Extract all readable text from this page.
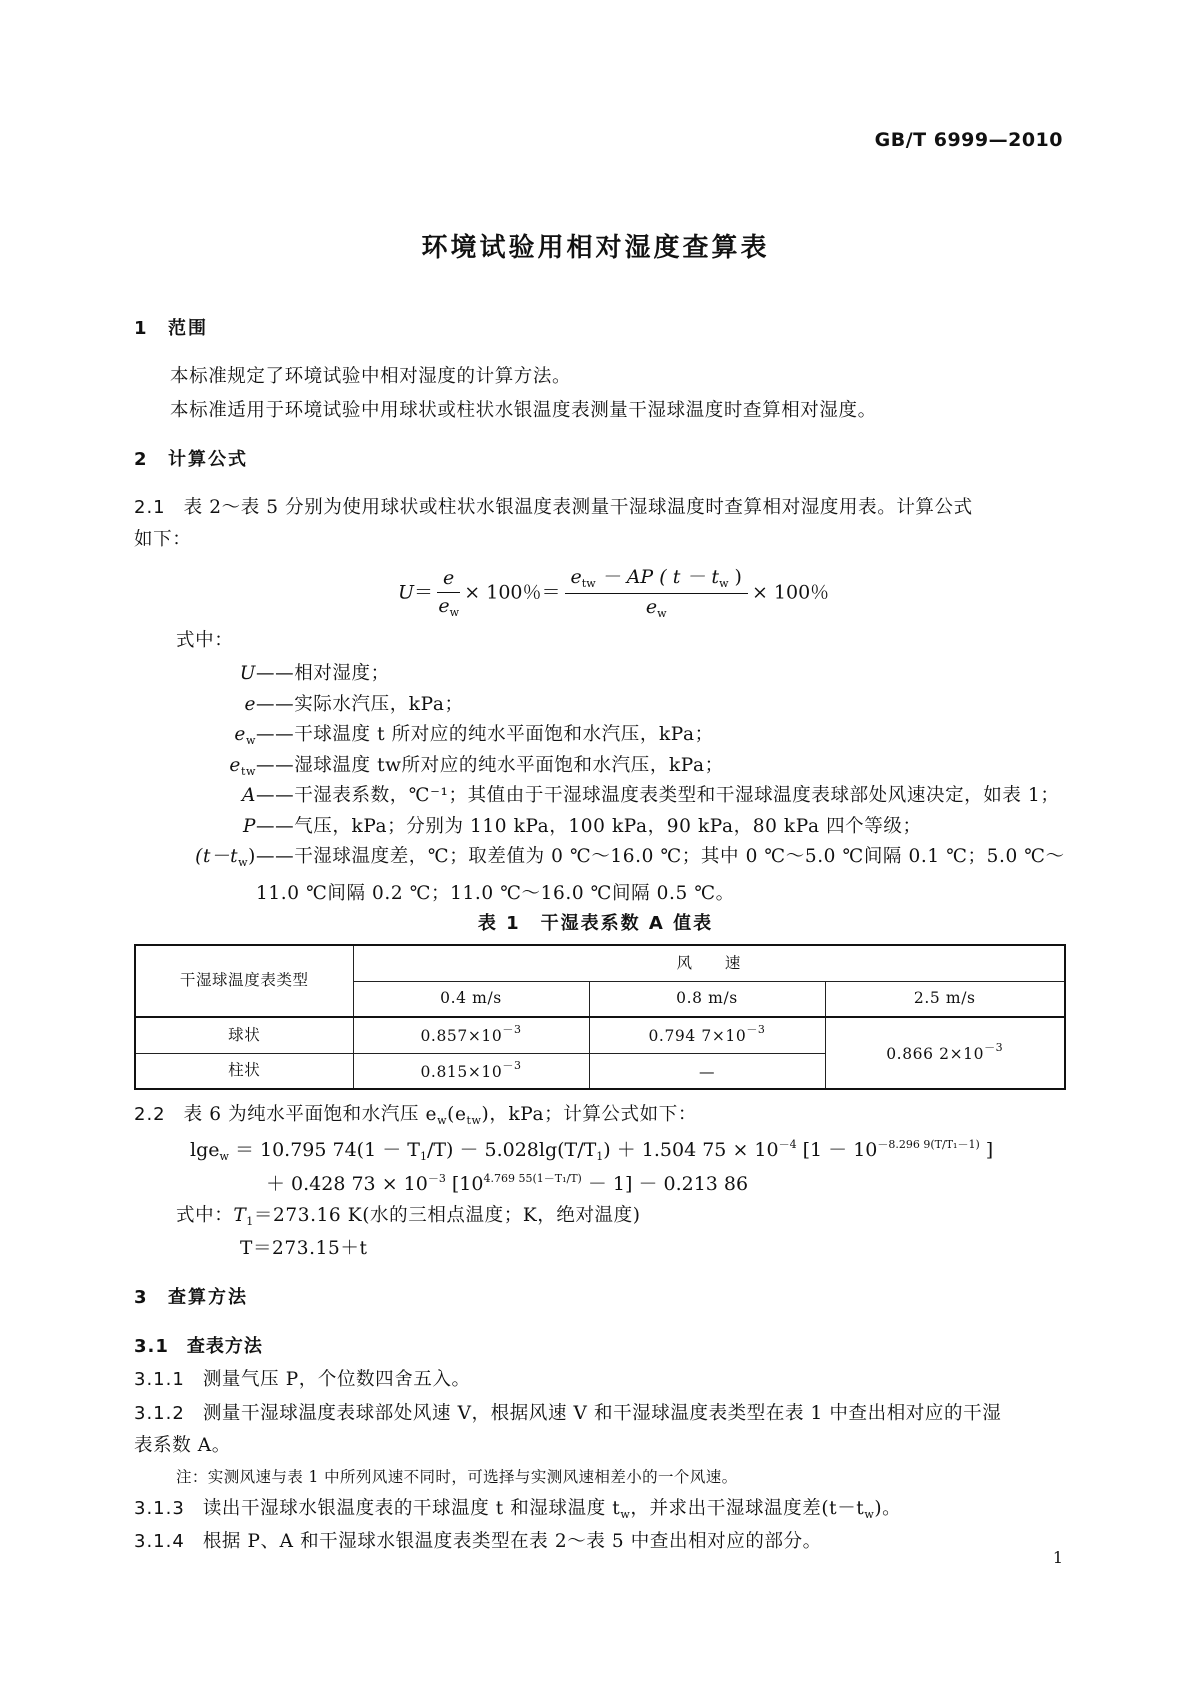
GB/T 6999—2010
环境试验用相对湿度查算表
1 范围
本标准规定了环境试验中相对湿度的计算方法。
本标准适用于环境试验中用球状或柱状水银温度表测量干湿球温度时查算相对湿度。
2 计算公式
2.1 表 2～表 5 分别为使用球状或柱状水银温度表测量干湿球温度时查算相对湿度用表。计算公式
如下：
$U= \frac{e}{e_w} \times 100$％＝ $\frac{e_{tw} - AP ( t - t_w )}{e_w} \times 100$％
式中：
U——相对湿度；
e——实际水汽压，kPa；
$e_w——$干球温度 t 所对应的纯水平面饱和水汽压，kPa；
$e_{tw}——$湿球温度 tw所对应的纯水平面饱和水汽压，kPa；
A——干湿表系数，℃⁻¹；其值由于干湿球温度表类型和干湿球温度表球部处风速决定，如表 1；
P——气压，kPa；分别为 110 kPa，100 kPa，90 kPa，80 kPa 四个等级；
$(t-t_w)——$干湿球温度差，℃；取差值为 0 ℃～16.0 ℃；其中 0 ℃～5.0 ℃间隔 0.1 ℃；5.0 ℃～
11.0 ℃间隔 0.2 ℃；11.0 ℃～16.0 ℃间隔 0.5 ℃。
表 1　干湿表系数 A 值表
干湿球温度表类型	风　　速		
	0.4 m/s	0.8 m/s	2.5 m/s
球状	$0.857\times 10^{-3}$	0.794 $7\times 10^{-3}$	0.866 $2\times 10^{-3}$
柱状	$0.815\times 10^{-3}$	—	
2.2 表 6 为纯水平面饱和水汽压 $e_w(e_{tw})$，kPa；计算公式如下：
lge$_w$ ＝ 10.795 $74(1 - T_1/T) - 5.028\lg(T/T_1) + 1.504$ $75 \times 10^{-4}$ [$1 - 10^{-8.296 9(T/T_1-1)}$ ]
＋ 0.428 $73 \times 10^{-3}$ $[10^{4.769 55(1-T_1/T)} - 1] - 0.213$ 86
式中：$T_1=273.16$ K(水的三相点温度；K，绝对温度)
T＝273.15＋t
3 查算方法
3.1 查表方法
3.1.1 测量气压 P，个位数四舍五入。
3.1.2 测量干湿球温度表球部处风速 V，根据风速 V 和干湿球温度表类型在表 1 中查出相对应的干湿
表系数 A。
注：实测风速与表 1 中所列风速不同时，可选择与实测风速相差小的一个风速。
3.1.3 读出干湿球水银温度表的干球温度 t 和湿球温度 $t_w$，并求出干湿球温度差$(t-t_w)$。
3.1.4 根据 P、A 和干湿球水银温度表类型在表 2～表 5 中查出相对应的部分。
1
